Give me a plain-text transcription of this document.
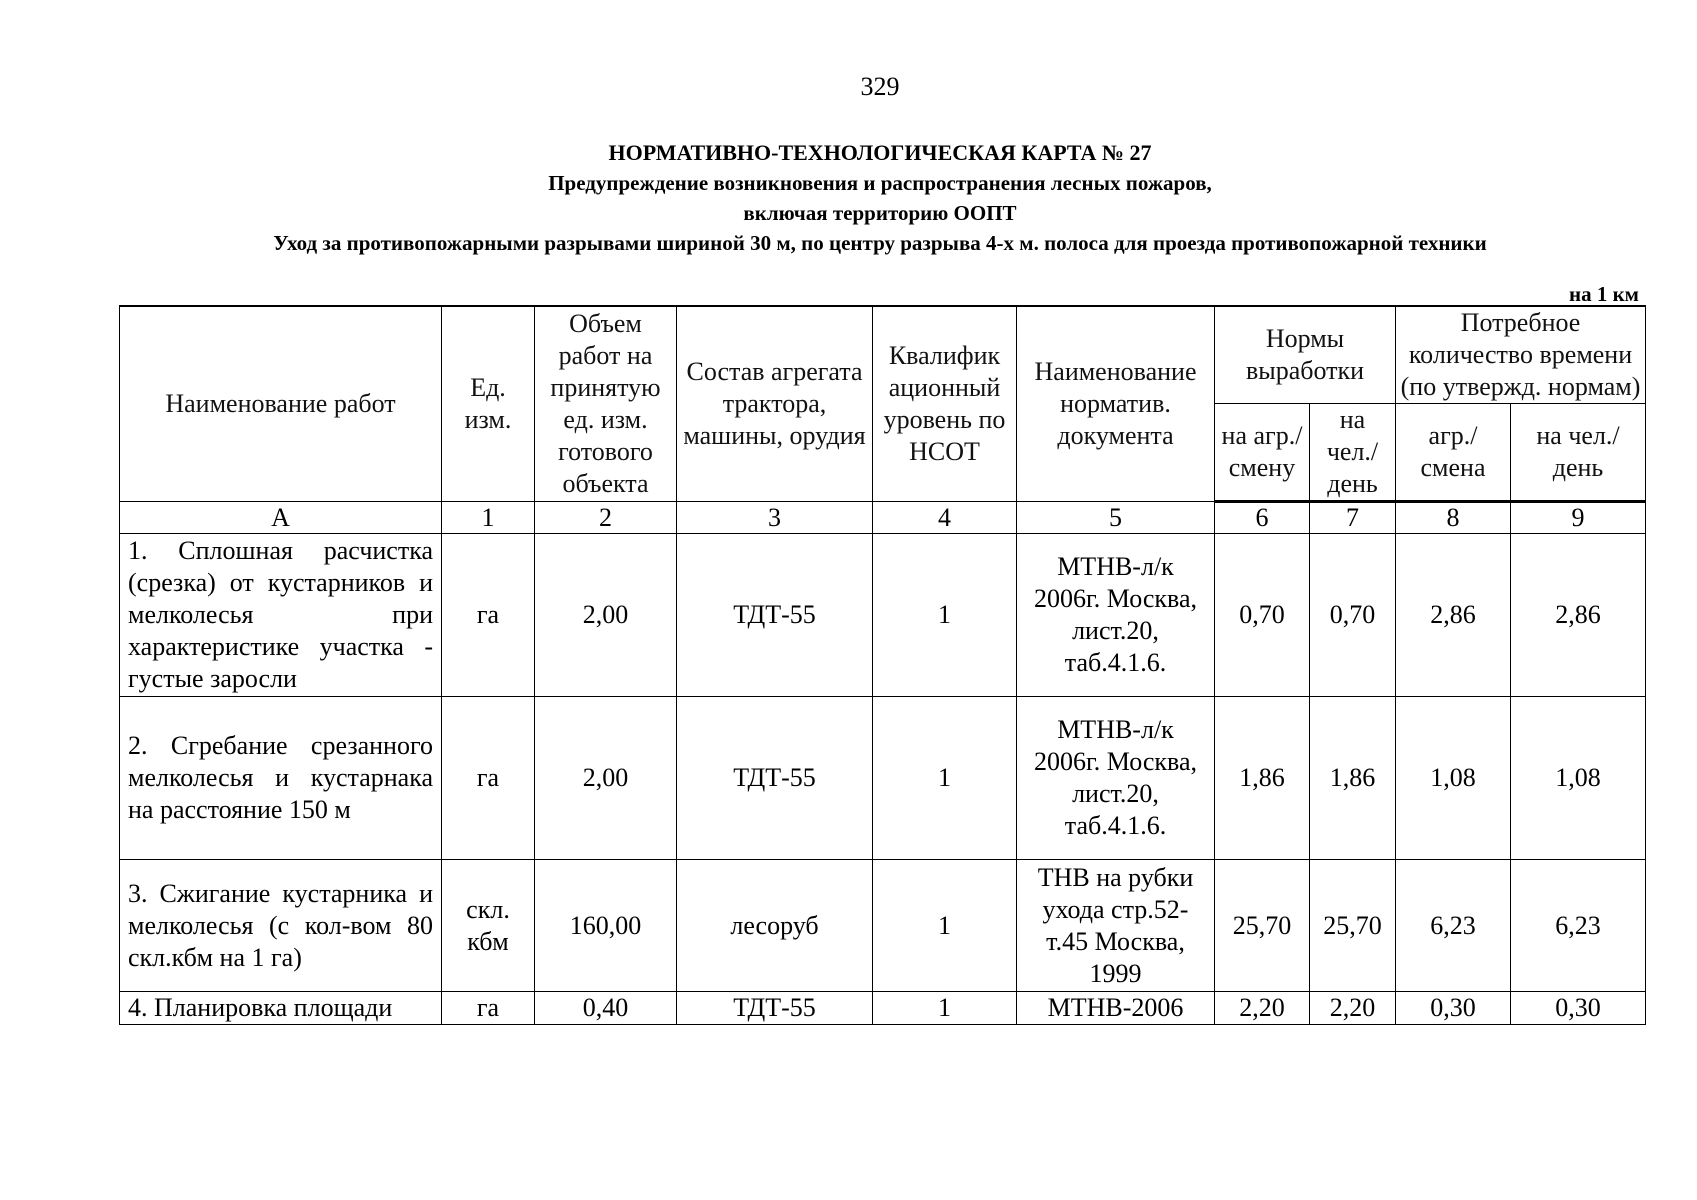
329
НОРМАТИВНО-ТЕХНОЛОГИЧЕСКАЯ КАРТА № 27
Предупреждение возникновения и распространения лесных пожаров,
включая территорию ООПТ
Уход за противопожарными разрывами шириной 30 м, по центру разрыва 4-х м. полоса для проезда противопожарной техники
на 1 км
Наименование работ	Ед. изм.	Объем работ на принятую ед. изм. готового объекта	Состав агрегата трактора, машины, орудия	Квалифик ационный уровень по НСОТ	Наименование норматив. документа	Нормы выработки		Потребное количество времени (по утвержд. нормам)	
						на агр./ смену	на чел./ день	агр./ смена	на чел./ день
А	1	2	3	4	5	6	7	8	9
1. Сплошная расчистка (срезка) от кустарников и мелколесья при характеристике участка - густые заросли	га	2,00	ТДТ-55	1	МТНВ-л/к 2006г. Москва, лист.20, таб.4.1.6.	0,70	0,70	2,86	2,86
2. Сгребание срезанного мелколесья и кустарнака на расстояние 150 м	га	2,00	ТДТ-55	1	МТНВ-л/к 2006г. Москва, лист.20, таб.4.1.6.	1,86	1,86	1,08	1,08
3. Сжигание кустарника и мелколесья (с кол-вом 80 скл.кбм на 1 га)	скл. кбм	160,00	лесоруб	1	ТНВ на рубки ухода стр.52- т.45 Москва, 1999	25,70	25,70	6,23	6,23
4. Планировка площади	га	0,40	ТДТ-55	1	МТНВ-2006	2,20	2,20	0,30	0,30
